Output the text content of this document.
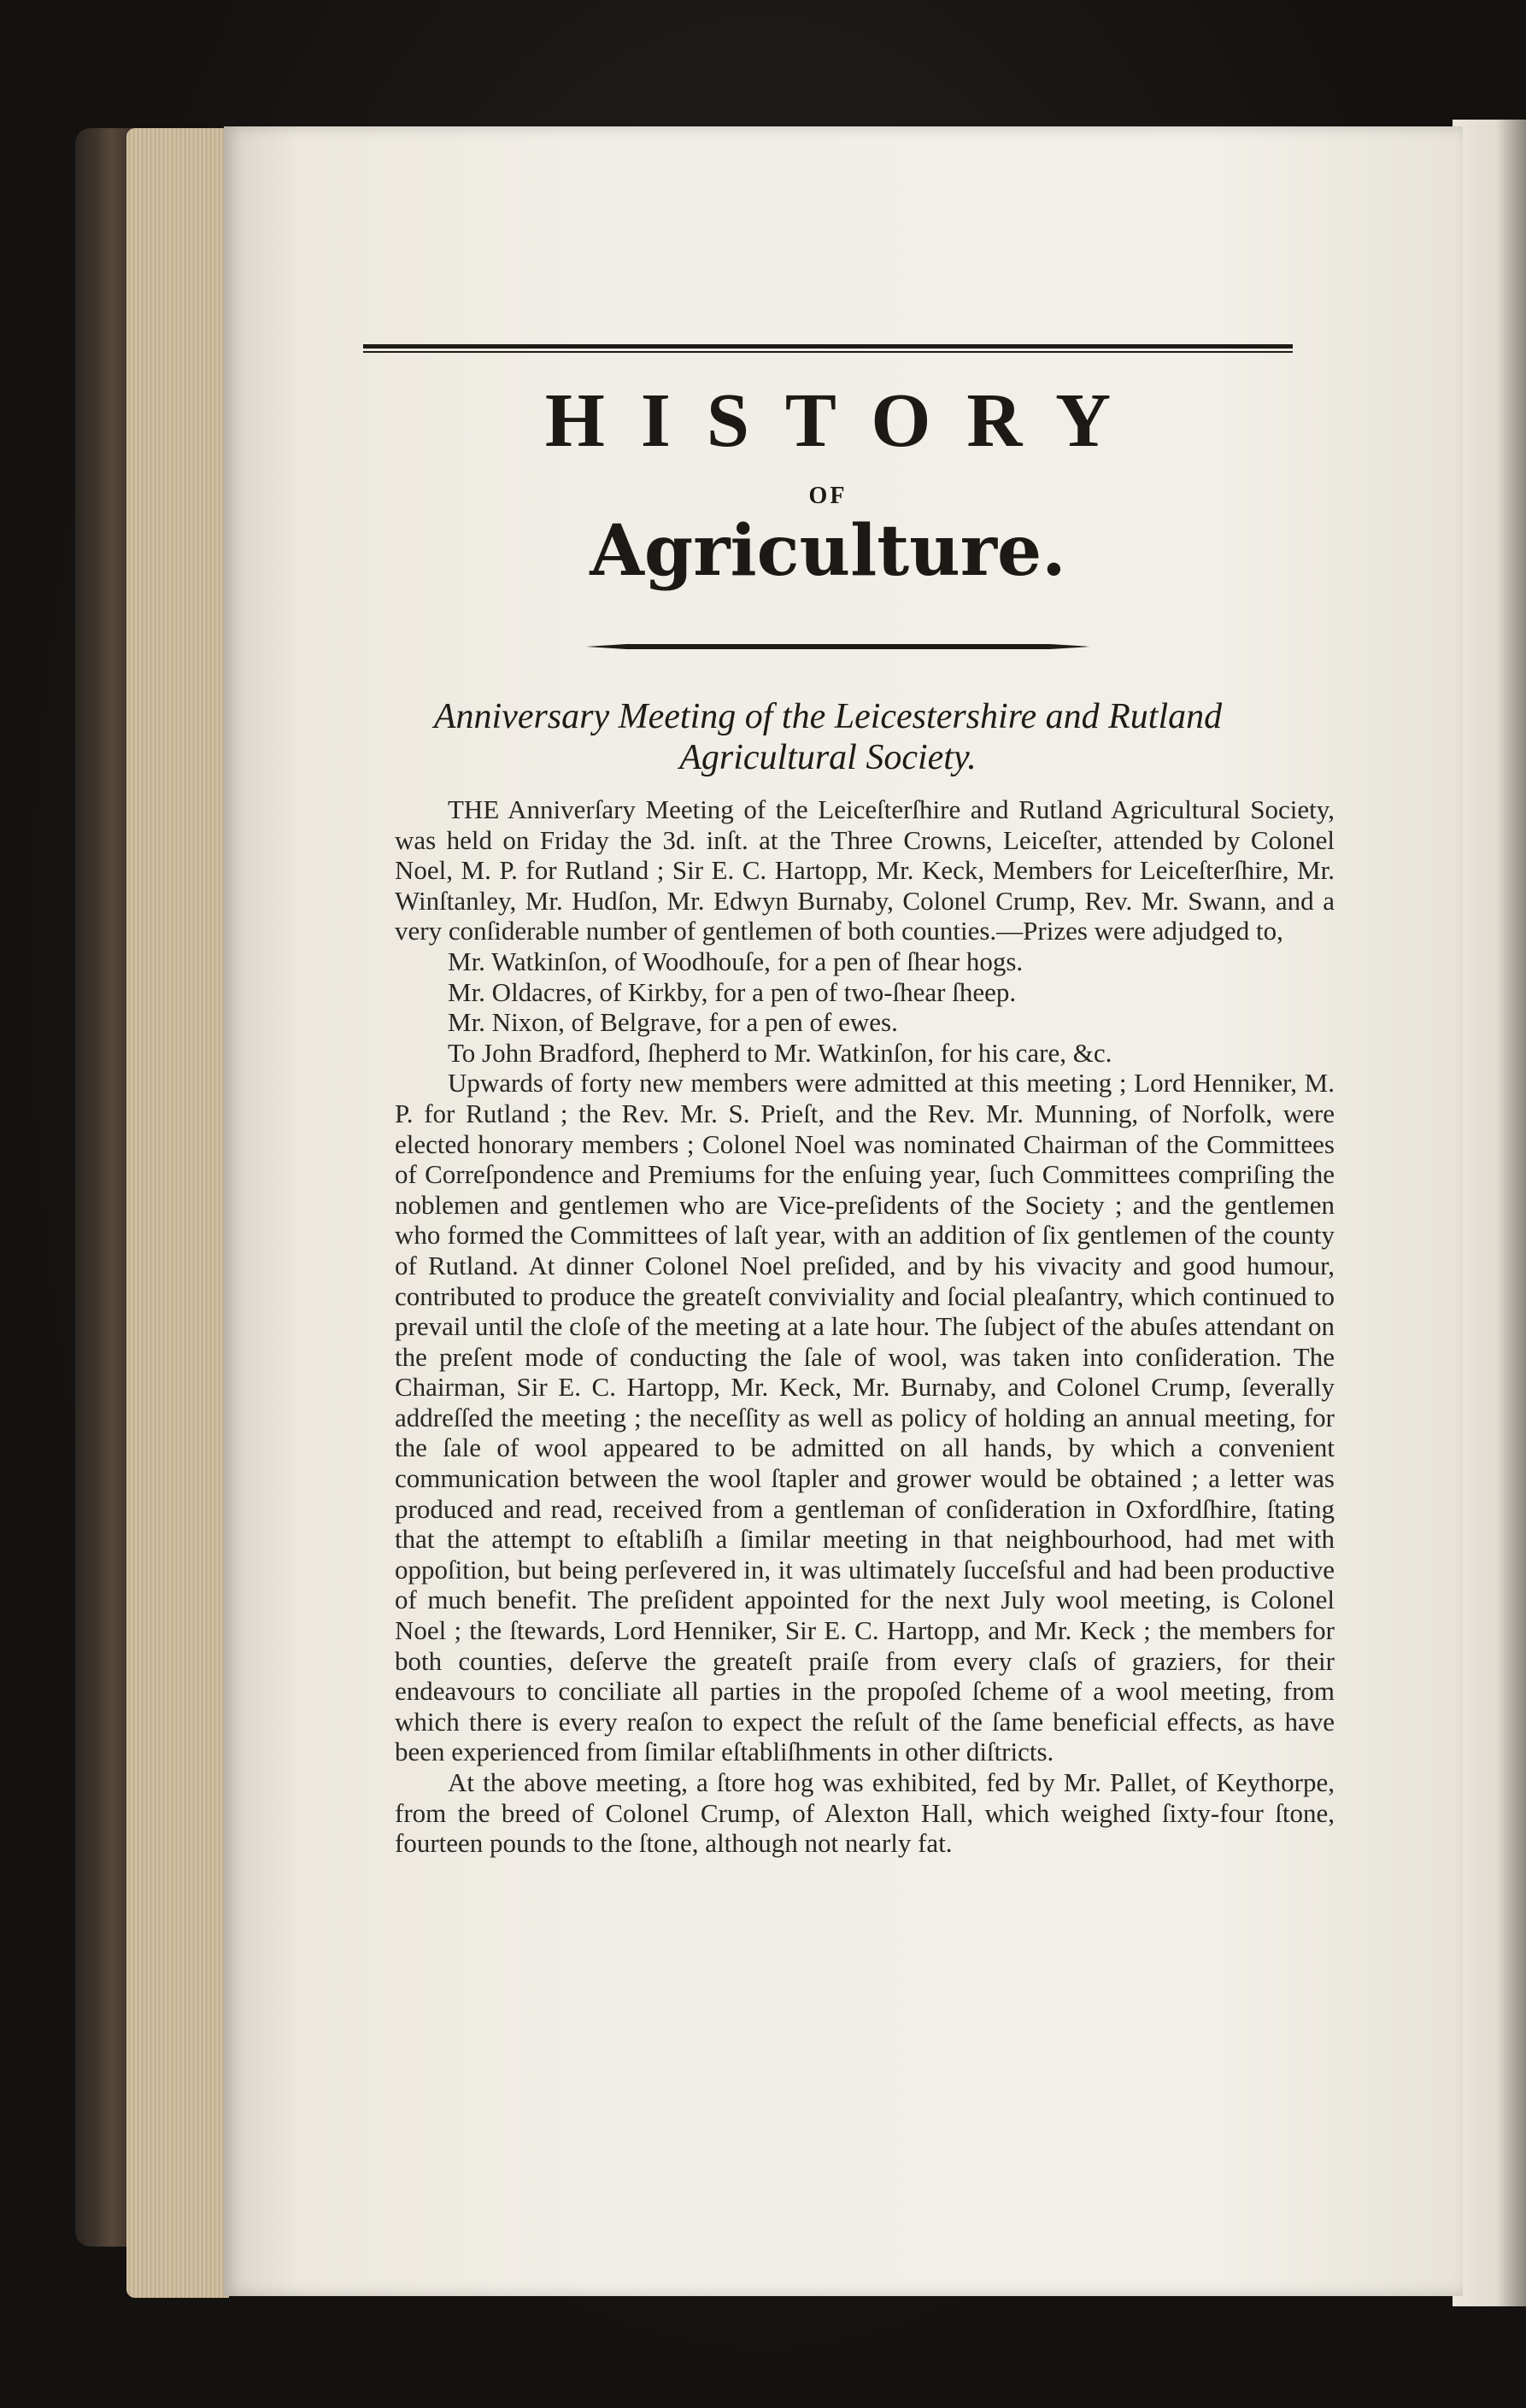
HISTORY
OF
Agriculture.
Anniversary Meeting of the Leicestershire and Rutland Agricultural Society.

THE Anniverſary Meeting of the Leiceſterſhire and Rutland Agricultural Society, was held on Friday the 3d. inſt. at the Three Crowns, Leiceſter, attended by Colonel Noel, M. P. for Rutland ; Sir E. C. Hartopp, Mr. Keck, Members for Leiceſterſhire, Mr. Winſtanley, Mr. Hudſon, Mr. Edwyn Burnaby, Colonel Crump, Rev. Mr. Swann, and a very conſiderable number of gentlemen of both counties.—Prizes were adjudged to,

Mr. Watkinſon, of Woodhouſe, for a pen of ſhear hogs.

Mr. Oldacres, of Kirkby, for a pen of two-ſhear ſheep.

Mr. Nixon, of Belgrave, for a pen of ewes.

To John Bradford, ſhepherd to Mr. Watkinſon, for his care, &c.

Upwards of forty new members were admitted at this meeting ; Lord Henniker, M. P. for Rutland ; the Rev. Mr. S. Prieſt, and the Rev. Mr. Munning, of Norfolk, were elected honorary members ; Colonel Noel was nominated Chairman of the Committees of Correſpondence and Premiums for the enſuing year, ſuch Committees compriſing the noblemen and gentlemen who are Vice-preſidents of the Society ; and the gentlemen who formed the Committees of laſt year, with an addition of ſix gentlemen of the county of Rutland. At dinner Colonel Noel preſided, and by his vivacity and good humour, contributed to produce the greateſt conviviality and ſocial pleaſantry, which continued to prevail until the cloſe of the meeting at a late hour. The ſubject of the abuſes attendant on the preſent mode of conducting the ſale of wool, was taken into conſideration. The Chairman, Sir E. C. Hartopp, Mr. Keck, Mr. Burnaby, and Colonel Crump, ſeverally addreſſed the meeting ; the neceſſity as well as policy of holding an annual meeting, for the ſale of wool appeared to be admitted on all hands, by which a convenient communication between the wool ſtapler and grower would be obtained ; a letter was produced and read, received from a gentleman of conſideration in Oxfordſhire, ſtating that the attempt to eſtabliſh a ſimilar meeting in that neighbourhood, had met with oppoſition, but being perſevered in, it was ultimately ſucceſsful and had been productive of much benefit. The preſident appointed for the next July wool meeting, is Colonel Noel ; the ſtewards, Lord Henniker, Sir E. C. Hartopp, and Mr. Keck ; the members for both counties, deſerve the greateſt praiſe from every claſs of graziers, for their endeavours to conciliate all parties in the propoſed ſcheme of a wool meeting, from which there is every reaſon to expect the reſult of the ſame beneficial effects, as have been experienced from ſimilar eſtabliſhments in other diſtricts.

At the above meeting, a ſtore hog was exhibited, fed by Mr. Pallet, of Keythorpe, from the breed of Colonel Crump, of Alexton Hall, which weighed ſixty-four ſtone, fourteen pounds to the ſtone, although not nearly fat.
